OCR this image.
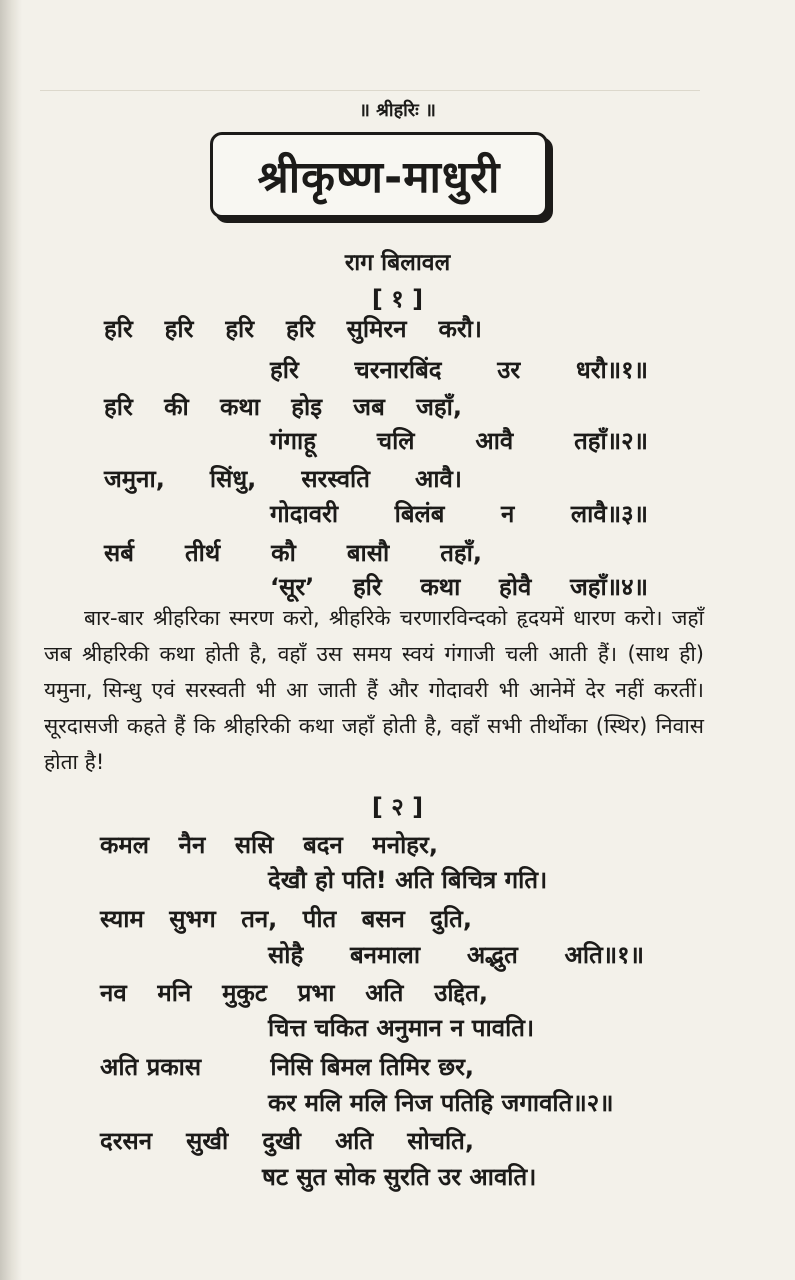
॥ श्रीहरिः ॥
श्रीकृष्ण-माधुरी
राग बिलावल
[ १ ]
हरि हरि हरि हरि सुमिरन करौ।
हरि चरनारबिंद उर धरौ॥१॥
हरि की कथा होइ जब जहाँ,
गंगाहू	चलि	आवै	तहाँ॥२॥
जमुना, सिंधु, सरस्वति आवै।
गोदावरी बिलंब न लावै॥३॥
सर्ब तीर्थ कौ बासौ तहाँ,
‘सूर’ हरि कथा होवै जहाँ॥४॥
बार-बार श्रीहरिका स्मरण करो, श्रीहरिके चरणारविन्दको हृदयमें धारण करो। जहाँ जब श्रीहरिकी कथा होती है, वहाँ उस समय स्वयं गंगाजी चली आती हैं। (साथ ही) यमुना, सिन्धु एवं सरस्वती भी आ जाती हैं और गोदावरी भी आनेमें देर नहीं करतीं। सूरदासजी कहते हैं कि श्रीहरिकी कथा जहाँ होती है, वहाँ सभी तीर्थोंका (स्थिर) निवास होता है!
[ २ ]
कमल नैन ससि बदन मनोहर,
देखौ हो पति! अति बिचित्र गति।
स्याम सुभग तन, पीत बसन दुति,
सोहै बनमाला अद्भुत अति॥१॥
नव मनि मुकुट प्रभा अति उद्दित,
चित्त चकित अनुमान न पावति।
अति प्रकास	निसि बिमल तिमिर छर,
कर मलि मलि निज पतिहि जगावति॥२॥
दरसन सुखी दुखी अति सोचति,
षट सुत सोक सुरति उर आवति।
